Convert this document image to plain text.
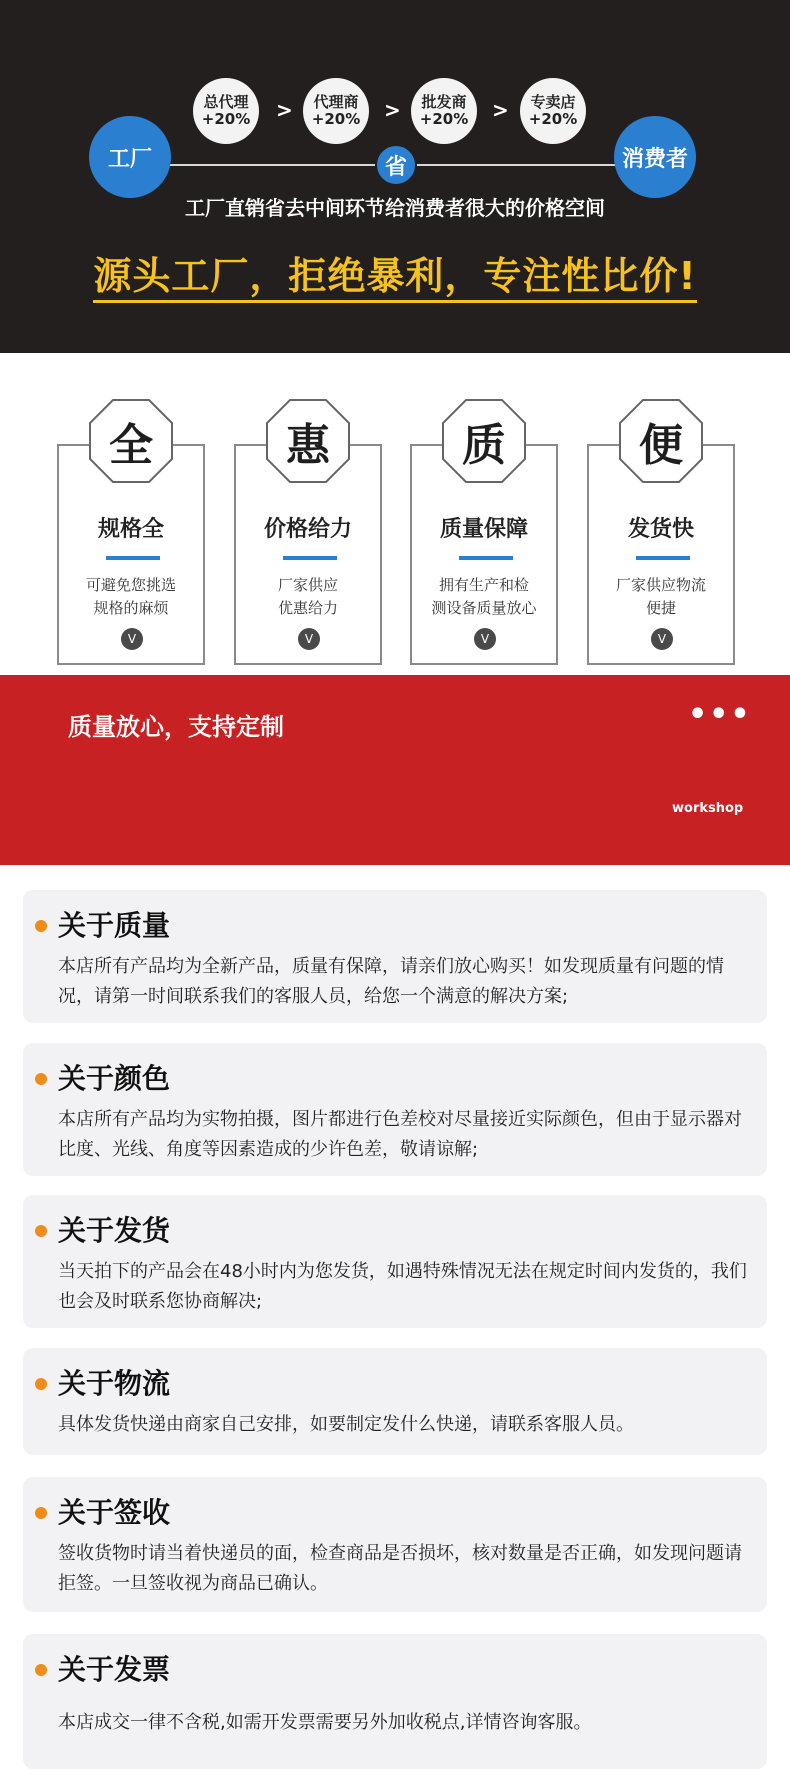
工厂	消费者
总代理
+20%	>	代理商
+20%	>	批发商
+20%	>	专卖店
+20%
省
工厂直销省去中间环节给消费者很大的价格空间
源头工厂，拒绝暴利，专注性比价!
规格全
可避免您挑选
规格的麻烦
V
全
价格给力
厂家供应
优惠给力
V
惠
质量保障
拥有生产和检
测设备质量放心
V
质
发货快
厂家供应物流
便捷
V
便
质量放心，支持定制	•••
workshop
关于质量
本店所有产品均为全新产品，质量有保障，请亲们放心购买！如发现质量有问题的情况，请第一时间联系我们的客服人员，给您一个满意的解决方案;
关于颜色
本店所有产品均为实物拍摄，图片都进行色差校对尽量接近实际颜色，但由于显示器对比度、光线、角度等因素造成的少许色差，敬请谅解;
关于发货
当天拍下的产品会在48小时内为您发货，如遇特殊情况无法在规定时间内发货的，我们也会及时联系您协商解决;
关于物流
具体发货快递由商家自己安排，如要制定发什么快递，请联系客服人员。
关于签收
签收货物时请当着快递员的面，检查商品是否损坏，核对数量是否正确，如发现问题请拒签。一旦签收视为商品已确认。
关于发票
本店成交一律不含税,如需开发票需要另外加收税点,详情咨询客服。
